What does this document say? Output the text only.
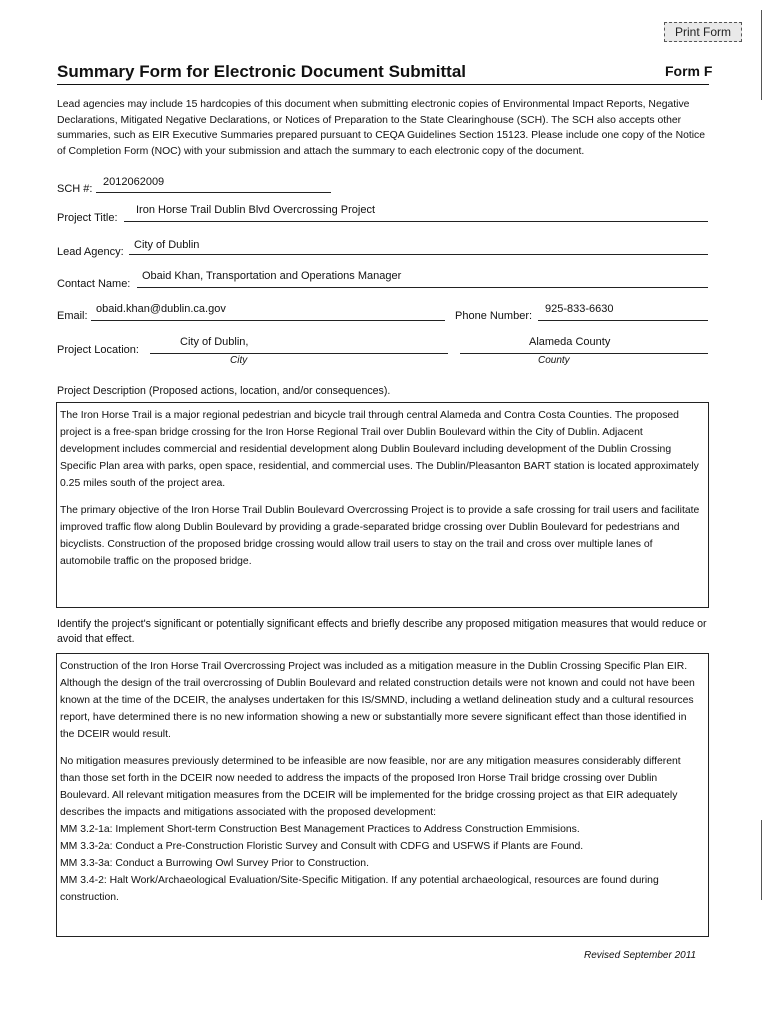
Print Form
Summary Form for Electronic Document Submittal	Form F
Lead agencies may include 15 hardcopies of this document when submitting electronic copies of Environmental Impact Reports, Negative Declarations, Mitigated Negative Declarations, or Notices of Preparation to the State Clearinghouse (SCH). The SCH also accepts other summaries, such as EIR Executive Summaries prepared pursuant to CEQA Guidelines Section 15123. Please include one copy of the Notice of Completion Form (NOC) with your submission and attach the summary to each electronic copy of the document.
SCH #:
2012062009
Project Title:
Iron Horse Trail Dublin Blvd Overcrossing Project
Lead Agency:
City of Dublin
Contact Name:
Obaid Khan, Transportation and Operations Manager
Email:
obaid.khan@dublin.ca.gov
Phone Number:
925-833-6630
Project Location:
City of Dublin,
City
Alameda County
County
Project Description (Proposed actions, location, and/or consequences).

The Iron Horse Trail is a major regional pedestrian and bicycle trail through central Alameda and Contra Costa Counties. The proposed project is a free-span bridge crossing for the Iron Horse Regional Trail over Dublin Boulevard within the City of Dublin. Adjacent development includes commercial and residential development along Dublin Boulevard including development of the Dublin Crossing Specific Plan area with parks, open space, residential, and commercial uses. The Dublin/Pleasanton BART station is located approximately 0.25 miles south of the project area.

The primary objective of the Iron Horse Trail Dublin Boulevard Overcrossing Project is to provide a safe crossing for trail users and facilitate improved traffic flow along Dublin Boulevard by providing a grade-separated bridge crossing over Dublin Boulevard for pedestrians and bicyclists. Construction of the proposed bridge crossing would allow trail users to stay on the trail and cross over multiple lanes of automobile traffic on the proposed bridge.

Identify the project's significant or potentially significant effects and briefly describe any proposed mitigation measures that would reduce or avoid that effect.

Construction of the Iron Horse Trail Overcrossing Project was included as a mitigation measure in the Dublin Crossing Specific Plan EIR. Although the design of the trail overcrossing of Dublin Boulevard and related construction details were not known and could not have been known at the time of the DCEIR, the analyses undertaken for this IS/SMND, including a wetland delineation study and a cultural resources report, have determined there is no new information showing a new or substantially more severe significant effect than those identified in the DCEIR would result.

No mitigation measures previously determined to be infeasible are now feasible, nor are any mitigation measures considerably different than those set forth in the DCEIR now needed to address the impacts of the proposed Iron Horse Trail bridge crossing over Dublin Boulevard. All relevant mitigation measures from the DCEIR will be implemented for the bridge crossing project as that EIR adequately describes the impacts and mitigations associated with the proposed development:

MM 3.2-1a: Implement Short-term Construction Best Management Practices to Address Construction Emmisions.
MM 3.3-2a: Conduct a Pre-Construction Floristic Survey and Consult with CDFG and USFWS if Plants are Found.
MM 3.3-3a: Conduct a Burrowing Owl Survey Prior to Construction.
MM 3.4-2: Halt Work/Archaeological Evaluation/Site-Specific Mitigation. If any potential archaeological, resources are found during construction.
Revised September 2011
